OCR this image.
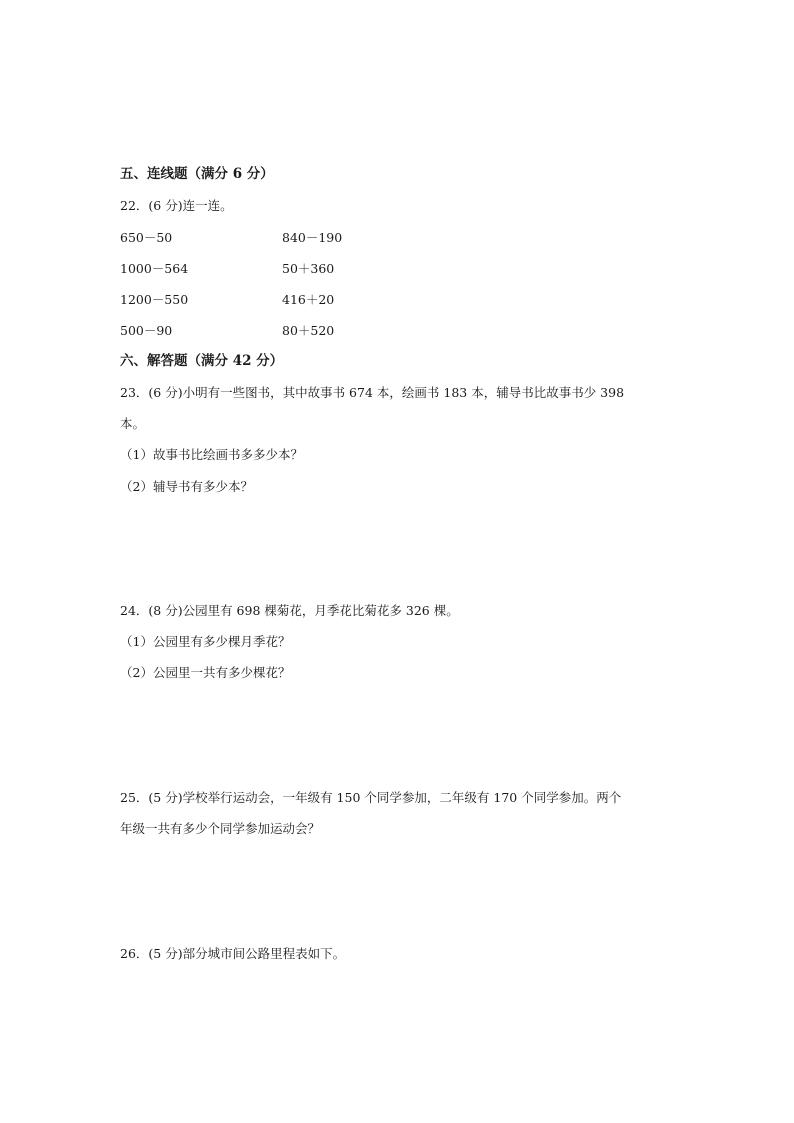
五、连线题（满分 6 分）
22．(6 分)连一连。
650－50	840－190
1000－564	50＋360
1200－550	416＋20
500－90	80＋520
六、解答题（满分 42 分）
23．(6 分)小明有一些图书，其中故事书 674 本，绘画书 183 本，辅导书比故事书少 398
本。
（1）故事书比绘画书多多少本？
（2）辅导书有多少本？
24．(8 分)公园里有 698 棵菊花，月季花比菊花多 326 棵。
（1）公园里有多少棵月季花？
（2）公园里一共有多少棵花？
25．(5 分)学校举行运动会，一年级有 150 个同学参加，二年级有 170 个同学参加。两个
年级一共有多少个同学参加运动会？
26．(5 分)部分城市间公路里程表如下。
